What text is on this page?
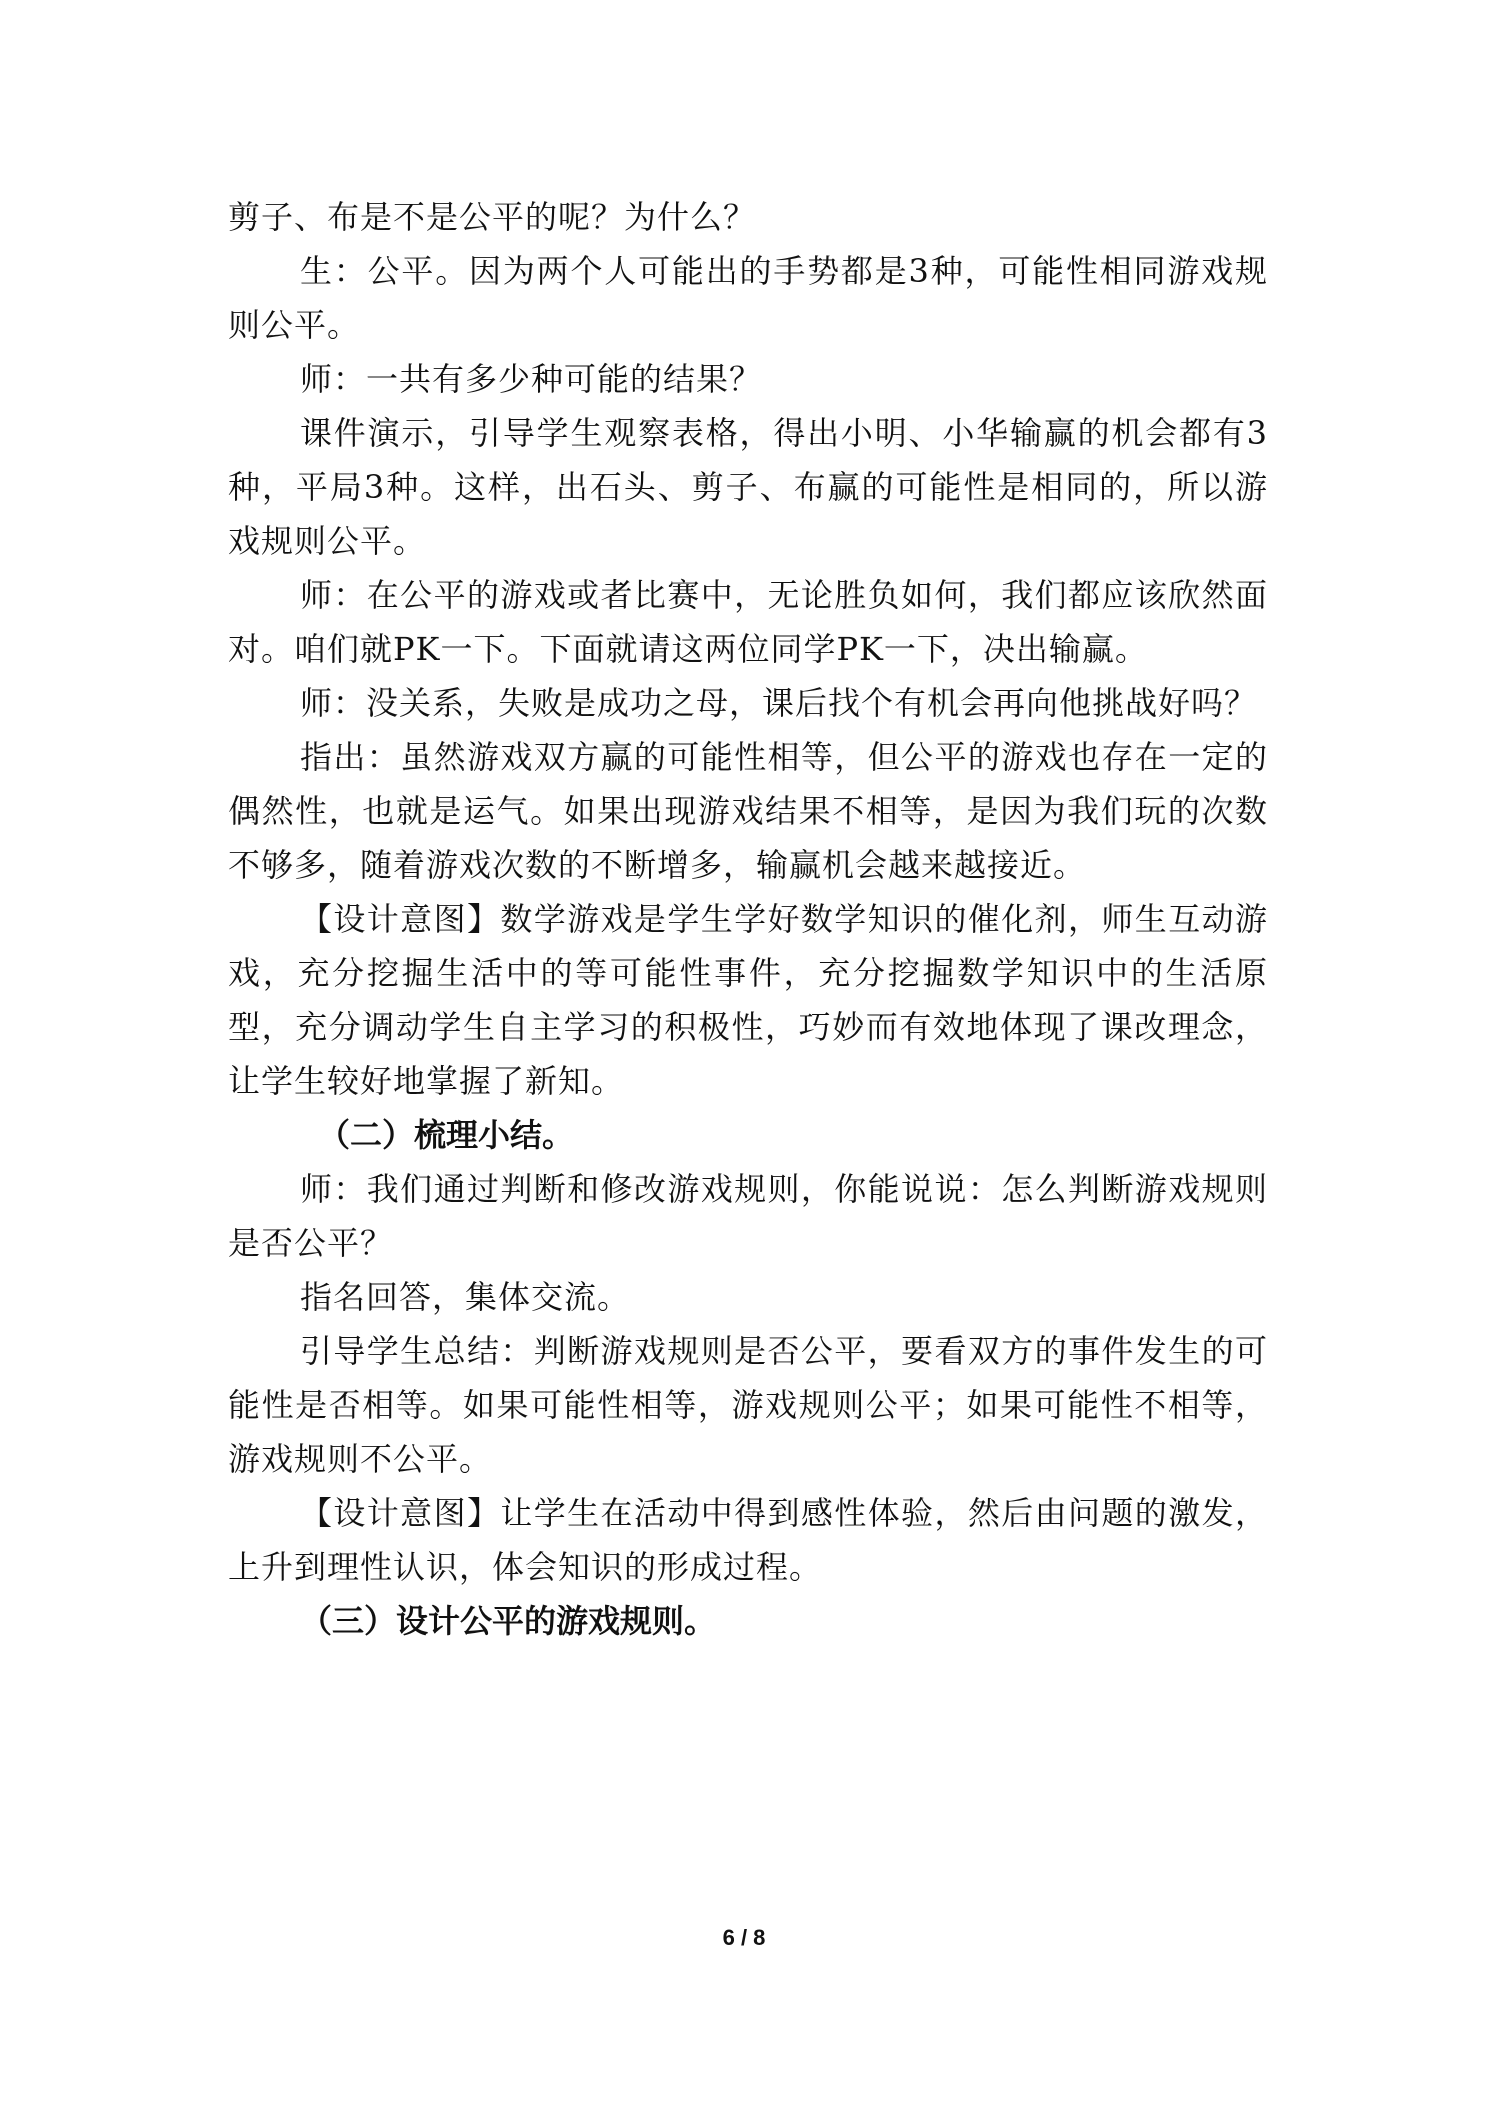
剪子、布是不是公平的呢？为什么？

生：公平。因为两个人可能出的手势都是3种，可能性相同游戏规则公平。

师：一共有多少种可能的结果？

课件演示，引导学生观察表格，得出小明、小华输赢的机会都有3种，平局3种。这样，出石头、剪子、布赢的可能性是相同的，所以游戏规则公平。

师：在公平的游戏或者比赛中，无论胜负如何，我们都应该欣然面对。咱们就PK一下。下面就请这两位同学PK一下，决出输赢。

师：没关系，失败是成功之母，课后找个有机会再向他挑战好吗？

指出：虽然游戏双方赢的可能性相等，但公平的游戏也存在一定的偶然性，也就是运气。如果出现游戏结果不相等，是因为我们玩的次数不够多，随着游戏次数的不断增多，输赢机会越来越接近。

【设计意图】数学游戏是学生学好数学知识的催化剂，师生互动游戏，充分挖掘生活中的等可能性事件，充分挖掘数学知识中的生活原型，充分调动学生自主学习的积极性，巧妙而有效地体现了课改理念，让学生较好地掌握了新知。

（二）梳理小结。

师：我们通过判断和修改游戏规则，你能说说：怎么判断游戏规则是否公平？

指名回答，集体交流。

引导学生总结：判断游戏规则是否公平，要看双方的事件发生的可能性是否相等。如果可能性相等，游戏规则公平；如果可能性不相等，游戏规则不公平。

【设计意图】让学生在活动中得到感性体验，然后由问题的激发，上升到理性认识，体会知识的形成过程。

（三）设计公平的游戏规则。

6 / 8
